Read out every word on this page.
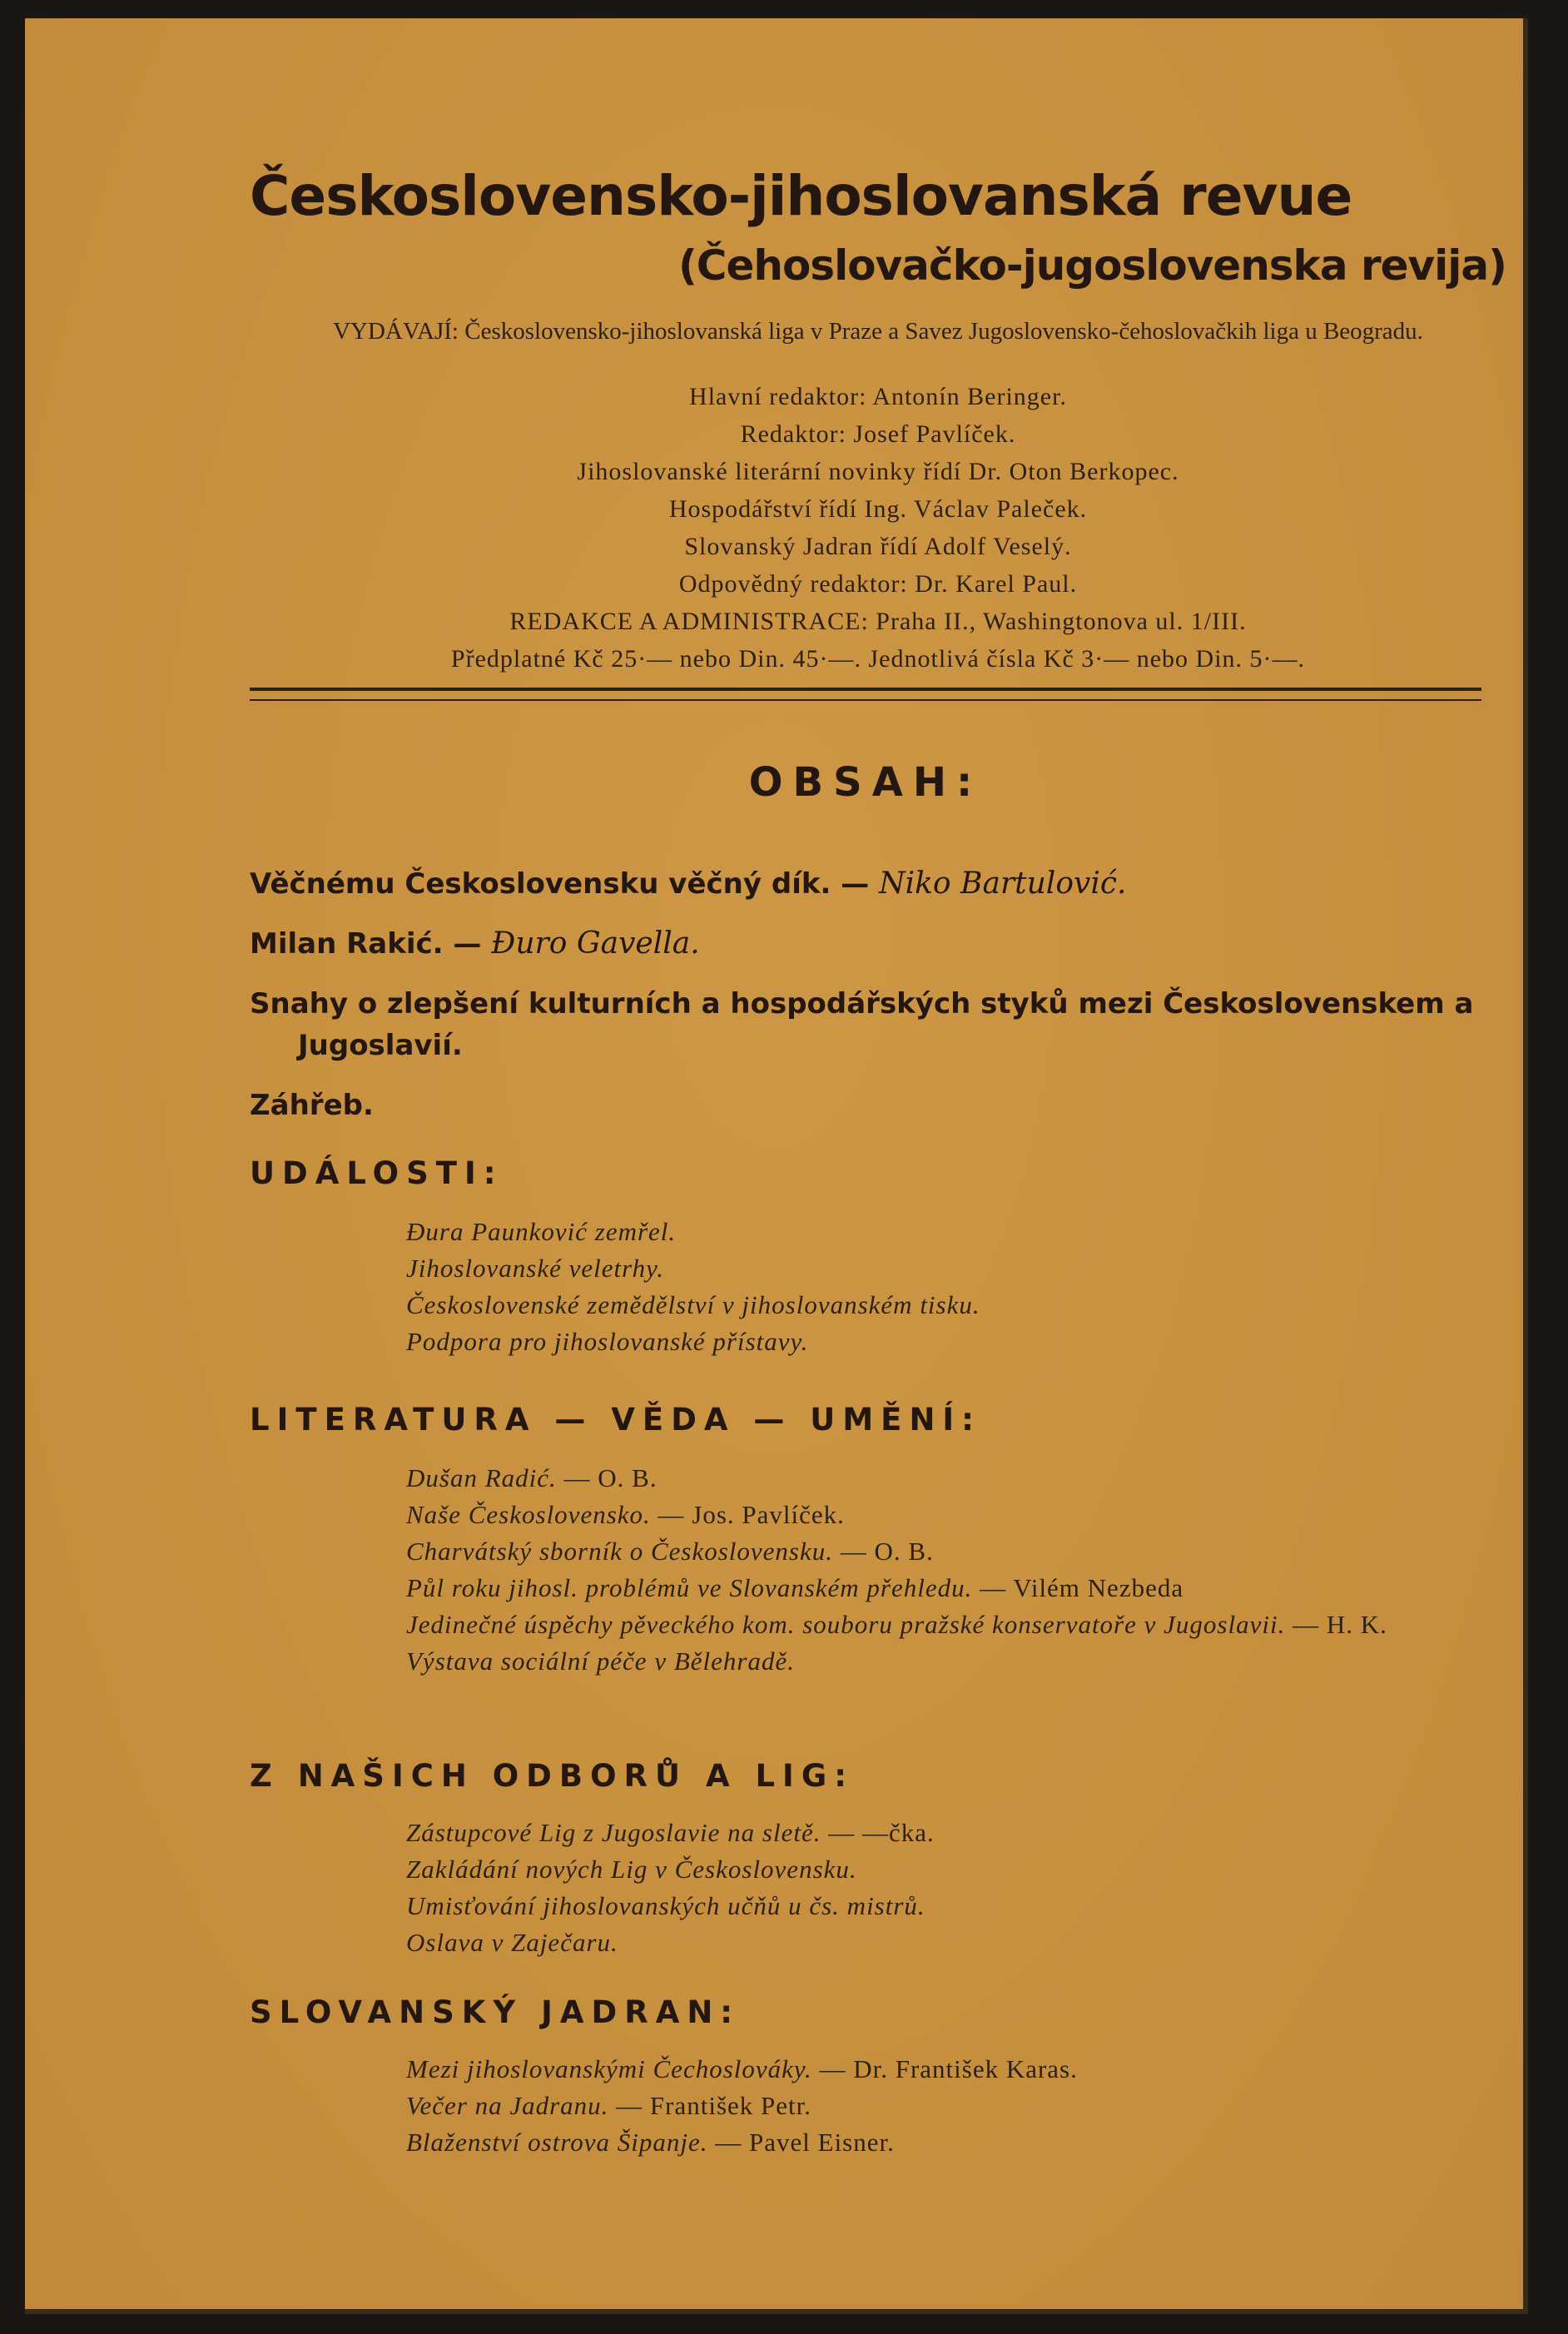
Československo-jihoslovanská revue
(Čehoslovačko-jugoslovenska revija)
VYDÁVAJÍ: Československo-jihoslovanská liga v Praze a Savez Jugoslovensko-čehoslovačkih liga u Beogradu.
Hlavní redaktor: Antonín Beringer.
Redaktor: Josef Pavlíček.
Jihoslovanské literární novinky řídí Dr. Oton Berkopec.
Hospodářství řídí Ing. Václav Paleček.
Slovanský Jadran řídí Adolf Veselý.
Odpovědný redaktor: Dr. Karel Paul.
REDAKCE A ADMINISTRACE: Praha II., Washingtonova ul. 1/III.
Předplatné Kč 25·— nebo Din. 45·—. Jednotlivá čísla Kč 3·— nebo Din. 5·—.
OBSAH:
Věčnému Československu věčný dík. — Niko Bartulović.
Milan Rakić. — Đuro Gavella.
Snahy o zlepšení kulturních a hospodářských styků mezi Československem a Jugoslavií.
Záhřeb.
UDÁLOSTI:
Đura Paunković zemřel.
Jihoslovanské veletrhy.
Československé zemědělství v jihoslovanském tisku.
Podpora pro jihoslovanské přístavy.
LITERATURA — VĚDA — UMĚNÍ:
Dušan Radić. — O. B.
Naše Československo. — Jos. Pavlíček.
Charvátský sborník o Československu. — O. B.
Půl roku jihosl. problémů ve Slovanském přehledu. — Vilém Nezbeda
Jedinečné úspěchy pěveckého kom. souboru pražské konservatoře v Jugoslavii. — H. K.
Výstava sociální péče v Bělehradě.
Z NAŠICH ODBORŮ A LIG:
Zástupcové Lig z Jugoslavie na sletě. — —čka.
Zakládání nových Lig v Československu.
Umisťování jihoslovanských učňů u čs. mistrů.
Oslava v Zaječaru.
SLOVANSKÝ JADRAN:
Mezi jihoslovanskými Čechoslováky. — Dr. František Karas.
Večer na Jadranu. — František Petr.
Blaženství ostrova Šipanje. — Pavel Eisner.
